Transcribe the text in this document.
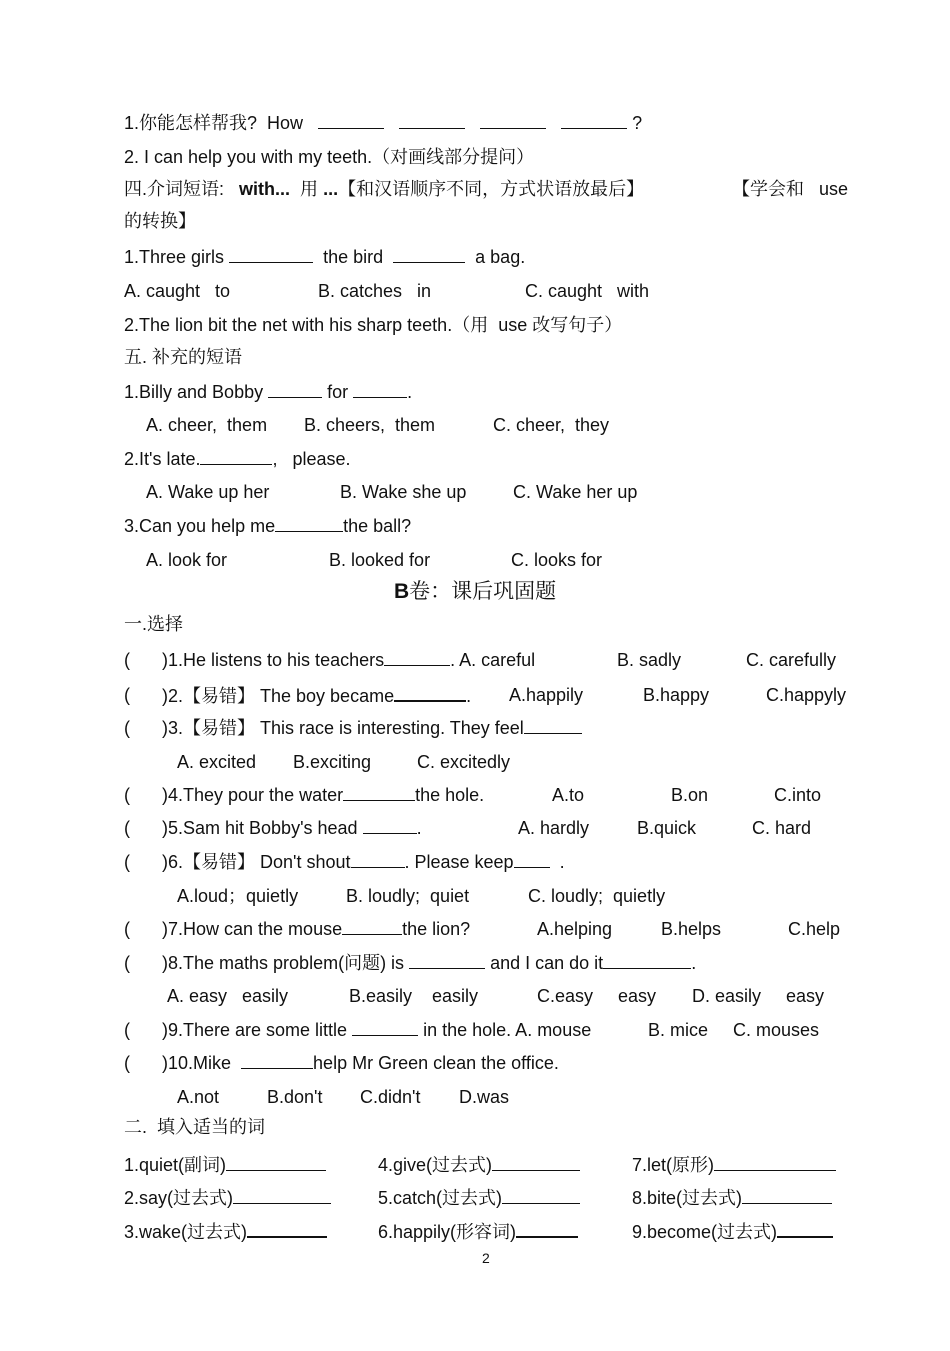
1.你能怎样帮我?  How	?
2. I can help you with my teeth.（对画线部分提问）
四.介词短语: with... 用 ...【和汉语顺序不同，方式状语放最后】	【学会和 use
的转换】
1.Three girls	the bird	a bag.
A. caught   to	B. catches   in	C. caught   with
2.The lion bit the net with his sharp teeth.（用  use 改写句子）
五. 补充的短语
1.Billy and Bobby	for	.
A. cheer,  them B. cheers,  them	C. cheer,  they
2.It's late.	,   please.
A. Wake up her	B. Wake she up	C. Wake her up
3.Can you help me	the ball?
A. look for	B. looked for	C. looks for
B卷：课后巩固题
一.选择
( )1.He listens to his teachers	. A. careful	B. sadly	C. carefully
( )2.【易错】 The boy became	. A.happily	B.happy	C.happyly
( )3.【易错】 This race is interesting. They feel
A. excited B.exciting	C. excitedly
( )4.They pour the water	the hole.	A.to	B.on	C.into
( )5.Sam hit Bobby's head	.	A. hardly	B.quick	C. hard
( )6.【易错】 Don't shout	. Please keep	.
A.loud；quietly	B. loudly;  quiet	C. loudly;  quietly
( )7.How can the mouse	the lion?	A.helping	B.helps	C.help
( )8.The maths problem(问题) is	and I can do it	.
A. easy   easily	B.easily    easily	C.easy     easy D. easily     easy
( )9.There are some little	in the hole. A. mouse	B. mice C. mouses
( )10.Mike	help Mr Green clean the office.
A.not	B.don't C.didn't D.was
二.  填入适当的词
1.quiet(副词)	4.give(过去式)	7.let(原形)
2.say(过去式)	5.catch(过去式)	8.bite(过去式)
3.wake(过去式)	6.happily(形容词)	9.become(过去式)
2
